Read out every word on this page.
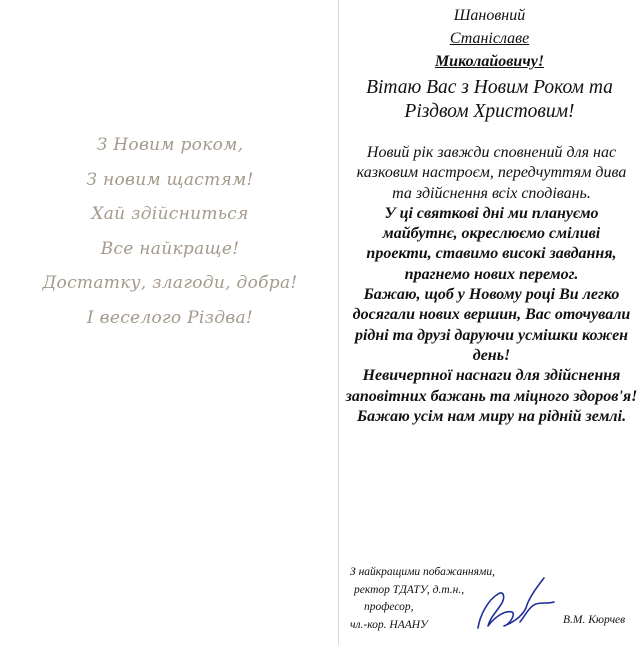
З Новим роком,
З новим щастям!
Хай здійсниться
Все найкраще!
Достатку, злагоди, добра!
І веселого Різдва!
Шановний
Станіславе
Миколайовичу!
Вітаю Вас з Новим Роком та
Різдвом Христовим!
Новий рік завжди сповнений для нас
казковим настроєм, передчуттям дива
та здійснення всіх сподівань.
У ці святкові дні ми плануємо
майбутнє, окреслюємо сміливі
проекти, ставимо високі завдання,
прагнемо нових перемог.
Бажаю, щоб у Новому році Ви легко
досягали нових вершин, Вас оточували
рідні та друзі даруючи усмішки кожен
день!
Невичерпної наснаги для здійснення
заповітних бажань та міцного здоров'я!
Бажаю усім нам миру на рідній землі.
З найкращими побажаннями,
ректор ТДАТУ, д.т.н.,
професор,
чл.-кор. НААНУ	В.М. Кюрчев
